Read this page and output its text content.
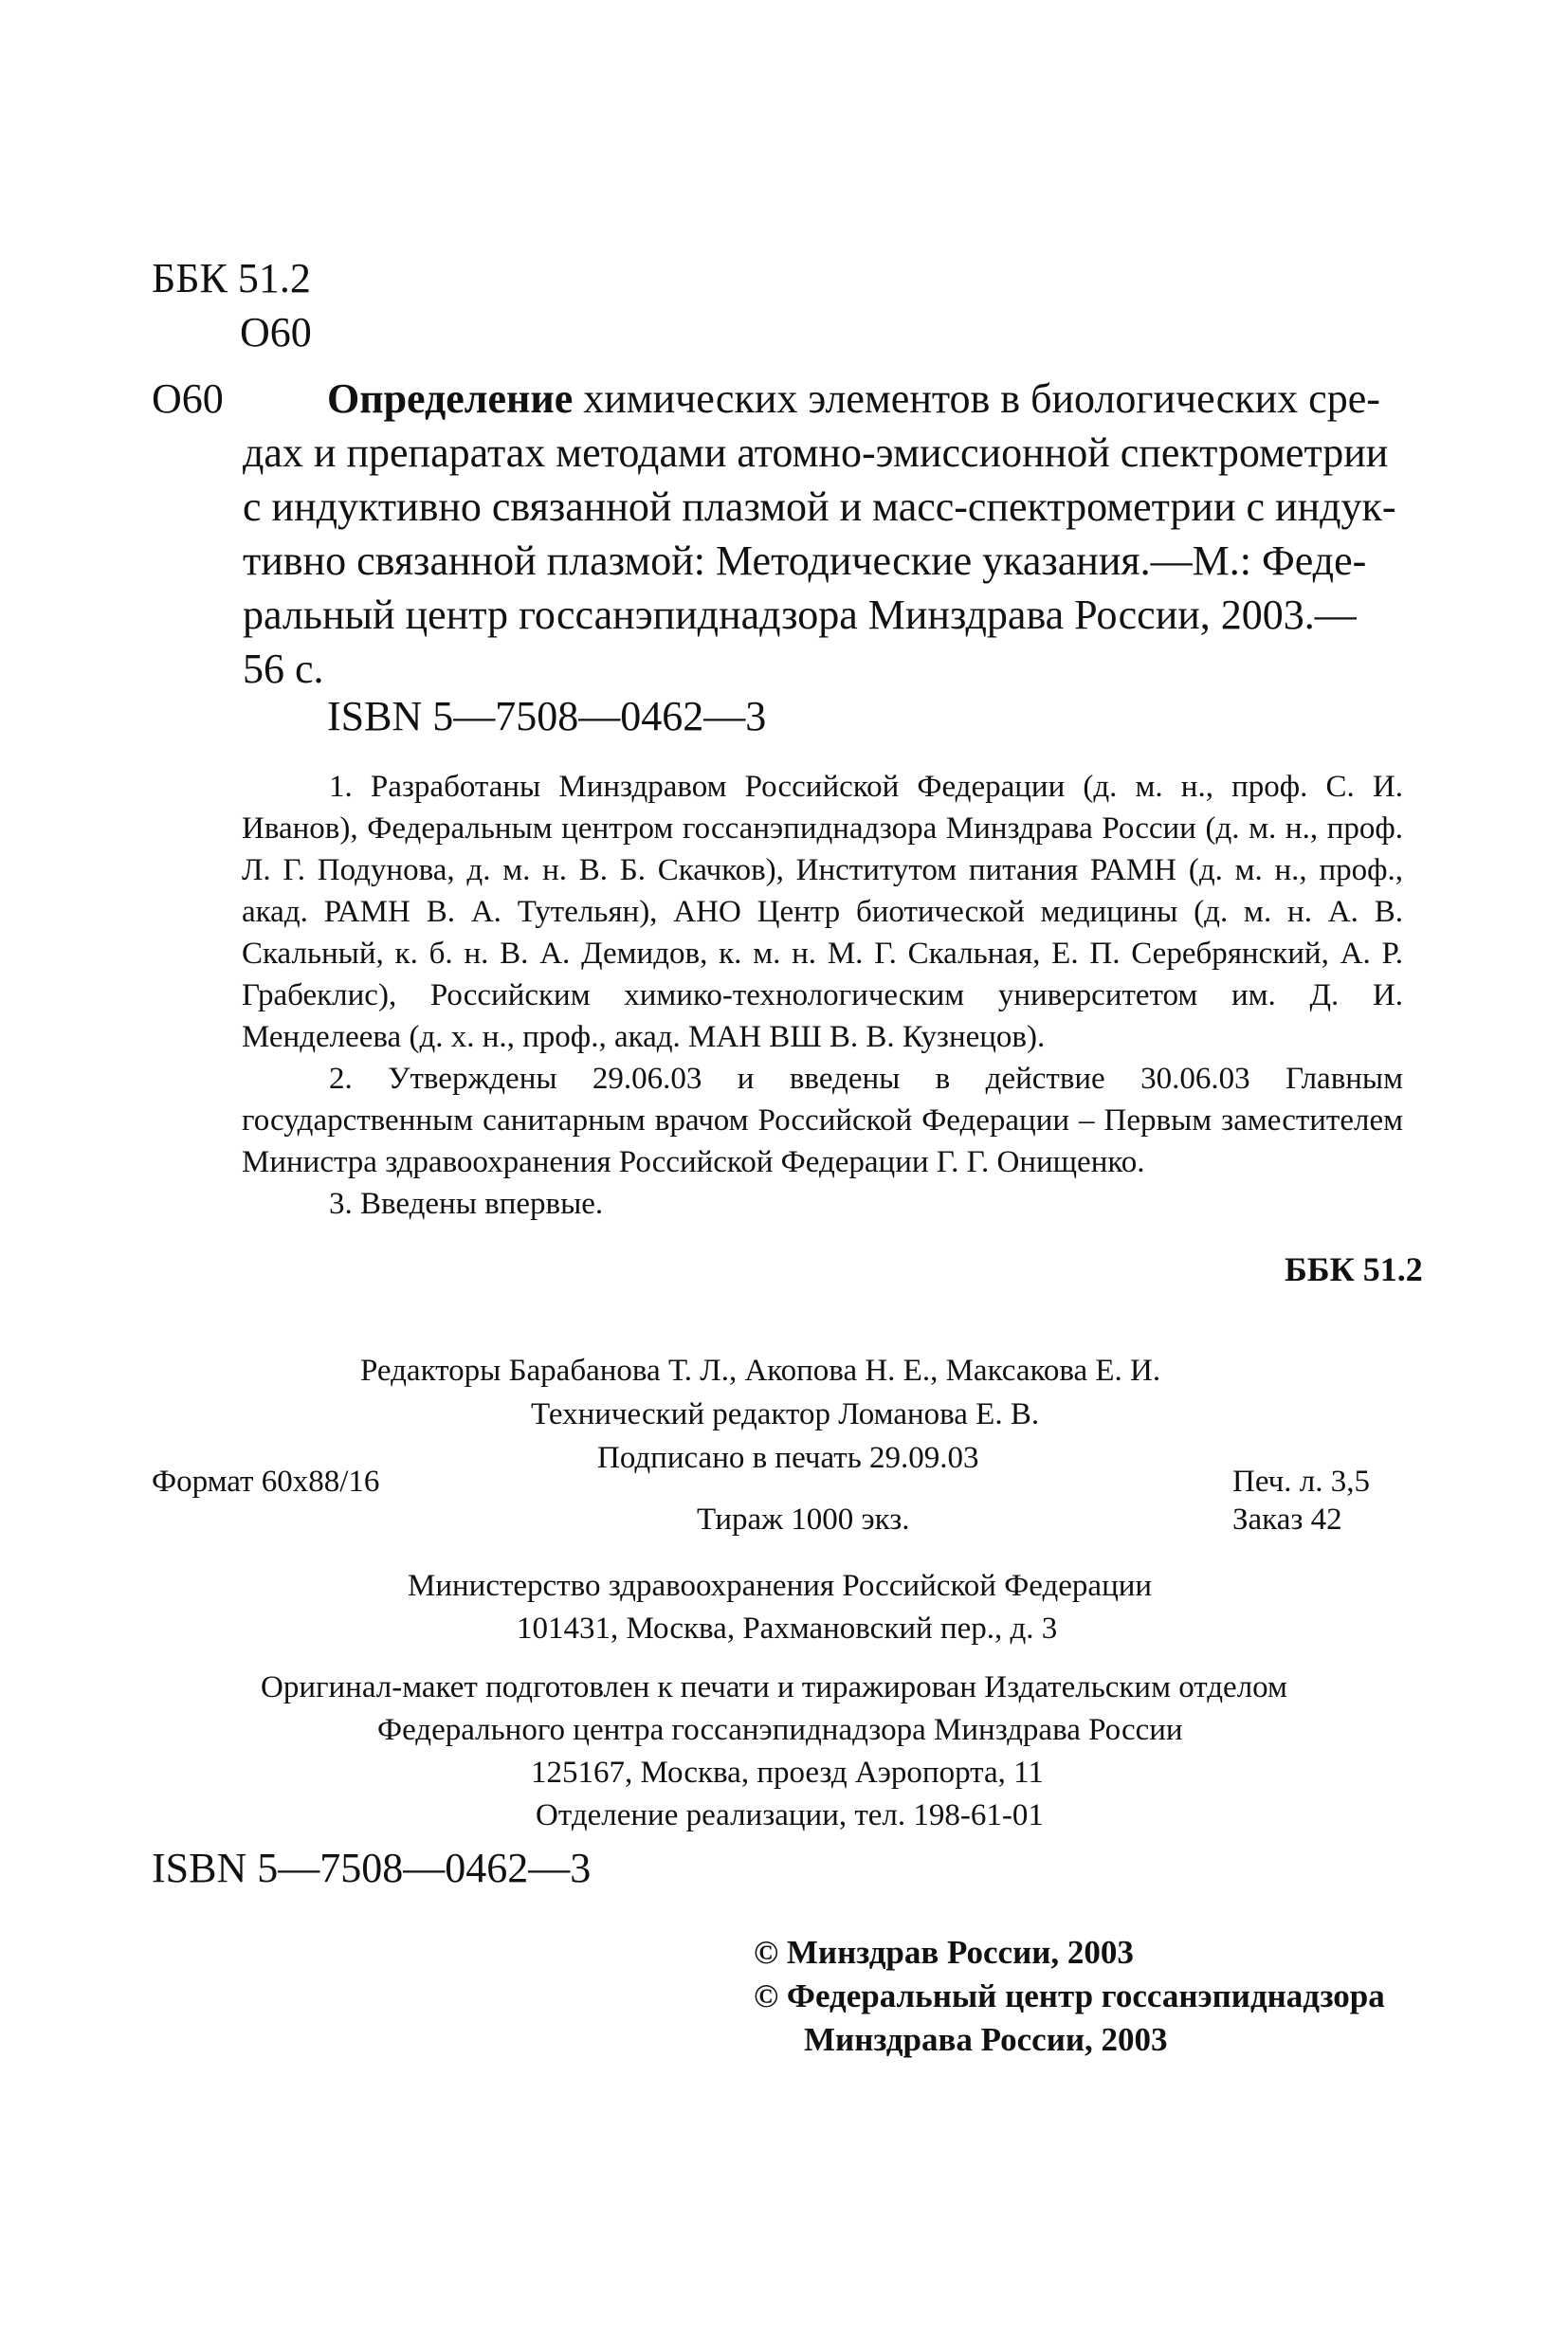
ББК 51.2
О60
О60 Определение химических элементов в биологических сре-
дах и препаратах методами атомно-эмиссионной спектрометрии
с индуктивно связанной плазмой и масс-спектрометрии с индук-
тивно связанной плазмой: Методические указания.—М.: Феде-
ральный центр госсанэпиднадзора Минздрава России, 2003.—
56 с.
ISBN 5—7508—0462—3

1. Разработаны Минздравом Российской Федерации (д. м. н., проф. С. И. Иванов), Федеральным центром госсанэпиднадзора Минздрава России (д. м. н., проф. Л. Г. Подунова, д. м. н. В. Б. Скачков), Институтом питания РАМН (д. м. н., проф., акад. РАМН В. А. Тутельян), АНО Центр биотической медицины (д. м. н. А. В. Скальный, к. б. н. В. А. Демидов, к. м. н. М. Г. Скальная, Е. П. Серебрянский, А. Р. Грабеклис), Российским химико-технологическим университетом им. Д. И. Менделеева (д. х. н., проф., акад. МАН ВШ В. В. Кузнецов).

2. Утверждены 29.06.03 и введены в действие 30.06.03 Главным государственным санитарным врачом Российской Федерации – Первым заместителем Министра здравоохранения Российской Федерации Г. Г. Онищенко.

3. Введены впервые.

ББК 51.2
Редакторы Барабанова Т. Л., Акопова Н. Е., Максакова Е. И.
Технический редактор Ломанова Е. В.
Подписано в печать 29.09.03
Формат 60x88/16	Печ. л. 3,5
Тираж 1000 экз.	Заказ 42
Министерство здравоохранения Российской Федерации
101431, Москва, Рахмановский пер., д. 3
Оригинал-макет подготовлен к печати и тиражирован Издательским отделом
Федерального центра госсанэпиднадзора Минздрава России
125167, Москва, проезд Аэропорта, 11
Отделение реализации, тел. 198-61-01
ISBN 5—7508—0462—3
© Минздрав России, 2003
© Федеральный центр госсанэпиднадзора
Минздрава России, 2003
